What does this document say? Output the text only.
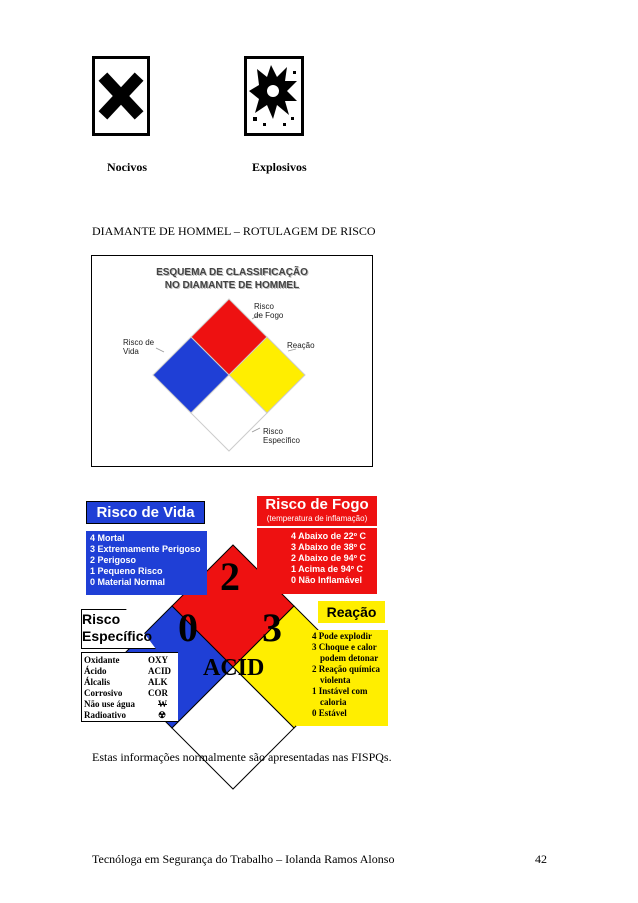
Nocivos	Explosivos
DIAMANTE DE HOMMEL – ROTULAGEM DE RISCO
ESQUEMA DE CLASSIFICAÇÃO
NO DIAMANTE DE HOMMEL
Risco
de Fogo
Risco de
Vida
Reação
Risco
Específico
2
0 3
ACID
Risco de Vida
4 Mortal
3 Extremamente Perigoso
2 Perigoso
1 Pequeno Risco
0 Material Normal
Risco de Fogo
(temperatura de inflamação)
4 Abaixo de 22º C
3 Abaixo de 38º C
2 Abaixo de 94º C
1 Acima de 94º C
0 Não Inflamável
Reação
4 Pode explodir
3 Choque e calor
podem detonar
2 Reação química
violenta
1 Instável com
caloria
0 Estável
Risco
Específico
Oxidante
Ácido
Álcalis
Corrosivo
Não use água
Radioativo
OXY
ACID
ALK
COR
W
☢
Estas informações normalmente são apresentadas nas FISPQs.
Tecnóloga em Segurança do Trabalho – Iolanda Ramos Alonso	42
